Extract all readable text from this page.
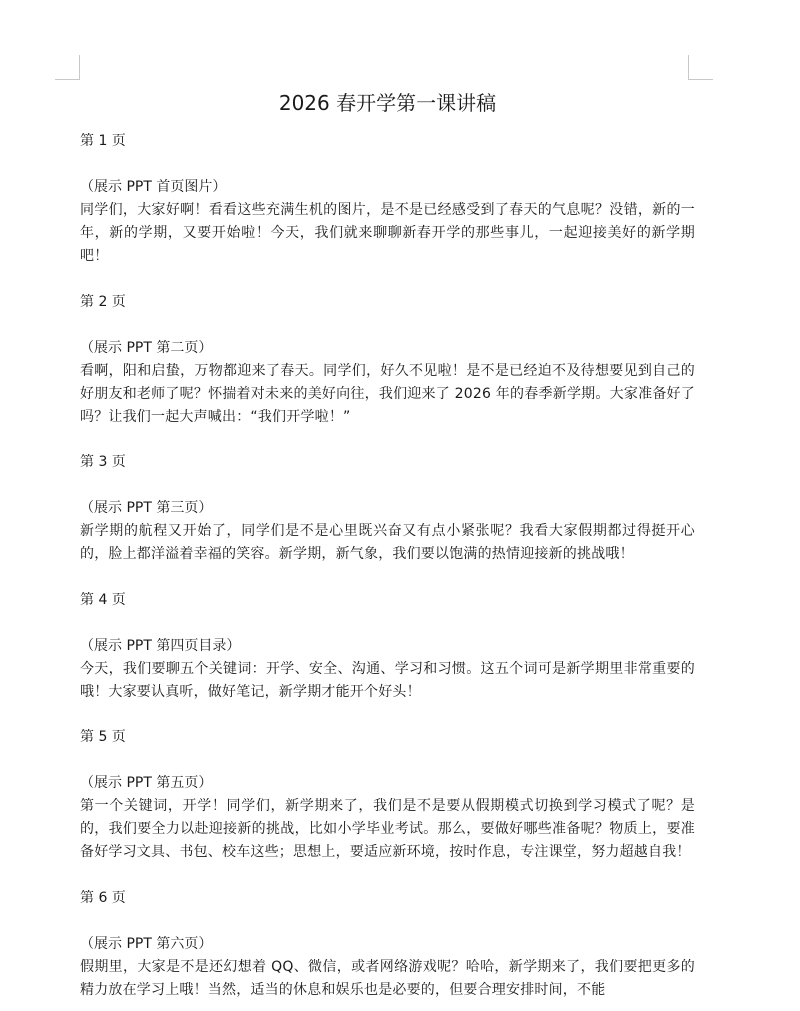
2026 春开学第一课讲稿
第 1 页
（展示 PPT 首页图片）

同学们，大家好啊！看看这些充满生机的图片，是不是已经感受到了春天的气息呢？没错，新的一年，新的学期，又要开始啦！今天，我们就来聊聊新春开学的那些事儿，一起迎接美好的新学期吧！

第 2 页
（展示 PPT 第二页）

看啊，阳和启蛰，万物都迎来了春天。同学们，好久不见啦！是不是已经迫不及待想要见到自己的好朋友和老师了呢？怀揣着对未来的美好向往，我们迎来了 2026 年的春季新学期。大家准备好了吗？让我们一起大声喊出：“我们开学啦！”

第 3 页
（展示 PPT 第三页）

新学期的航程又开始了，同学们是不是心里既兴奋又有点小紧张呢？我看大家假期都过得挺开心的，脸上都洋溢着幸福的笑容。新学期，新气象，我们要以饱满的热情迎接新的挑战哦！

第 4 页
（展示 PPT 第四页目录）

今天，我们要聊五个关键词：开学、安全、沟通、学习和习惯。这五个词可是新学期里非常重要的哦！大家要认真听，做好笔记，新学期才能开个好头！

第 5 页
（展示 PPT 第五页）

第一个关键词，开学！同学们，新学期来了，我们是不是要从假期模式切换到学习模式了呢？是的，我们要全力以赴迎接新的挑战，比如小学毕业考试。那么，要做好哪些准备呢？物质上，要准备好学习文具、书包、校车这些；思想上，要适应新环境，按时作息，专注课堂，努力超越自我！

第 6 页
（展示 PPT 第六页）

假期里，大家是不是还幻想着 QQ、微信，或者网络游戏呢？哈哈，新学期来了，我们要把更多的精力放在学习上哦！当然，适当的休息和娱乐也是必要的，但要合理安排时间，不能
